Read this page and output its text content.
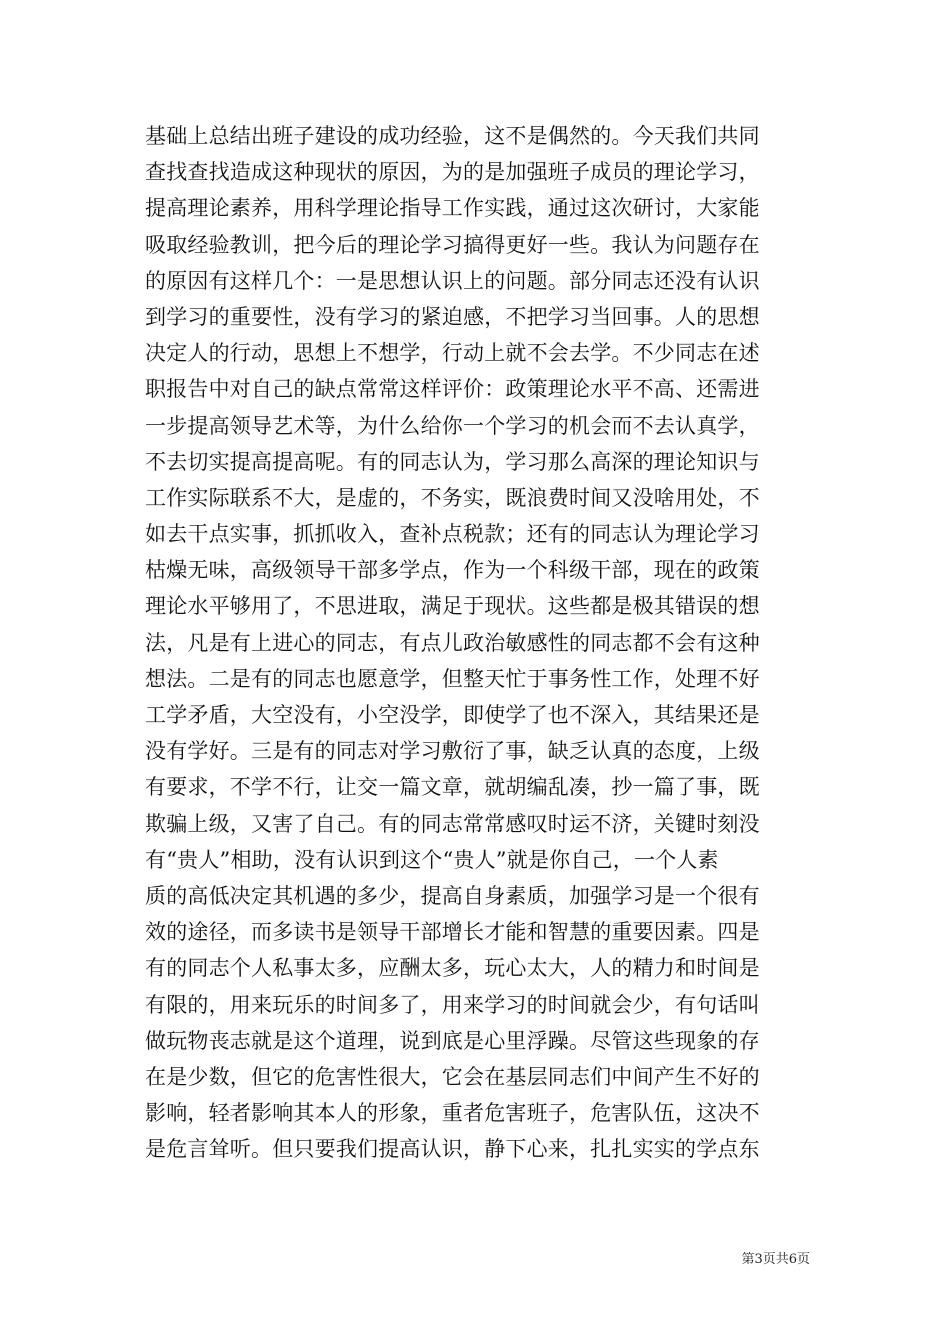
基础上总结出班子建设的成功经验，这不是偶然的。今天我们共同
查找查找造成这种现状的原因，为的是加强班子成员的理论学习，
提高理论素养，用科学理论指导工作实践，通过这次研讨，大家能
吸取经验教训，把今后的理论学习搞得更好一些。我认为问题存在
的原因有这样几个：一是思想认识上的问题。部分同志还没有认识
到学习的重要性，没有学习的紧迫感，不把学习当回事。人的思想
决定人的行动，思想上不想学，行动上就不会去学。不少同志在述
职报告中对自己的缺点常常这样评价：政策理论水平不高、还需进
一步提高领导艺术等，为什么给你一个学习的机会而不去认真学，
不去切实提高提高呢。有的同志认为，学习那么高深的理论知识与
工作实际联系不大，是虚的，不务实，既浪费时间又没啥用处，不
如去干点实事，抓抓收入，查补点税款；还有的同志认为理论学习
枯燥无味，高级领导干部多学点，作为一个科级干部，现在的政策
理论水平够用了，不思进取，满足于现状。这些都是极其错误的想
法，凡是有上进心的同志，有点儿政治敏感性的同志都不会有这种
想法。二是有的同志也愿意学，但整天忙于事务性工作，处理不好
工学矛盾，大空没有，小空没学，即使学了也不深入，其结果还是
没有学好。三是有的同志对学习敷衍了事，缺乏认真的态度，上级
有要求，不学不行，让交一篇文章，就胡编乱凑，抄一篇了事，既
欺骗上级，又害了自己。有的同志常常感叹时运不济，关键时刻没
有“贵人”相助，没有认识到这个“贵人”就是你自己，一个人素
质的高低决定其机遇的多少，提高自身素质，加强学习是一个很有
效的途径，而多读书是领导干部增长才能和智慧的重要因素。四是
有的同志个人私事太多，应酬太多，玩心太大，人的精力和时间是
有限的，用来玩乐的时间多了，用来学习的时间就会少，有句话叫
做玩物丧志就是这个道理，说到底是心里浮躁。尽管这些现象的存
在是少数，但它的危害性很大，它会在基层同志们中间产生不好的
影响，轻者影响其本人的形象，重者危害班子，危害队伍，这决不
是危言耸听。但只要我们提高认识，静下心来，扎扎实实的学点东
第3页共6页
